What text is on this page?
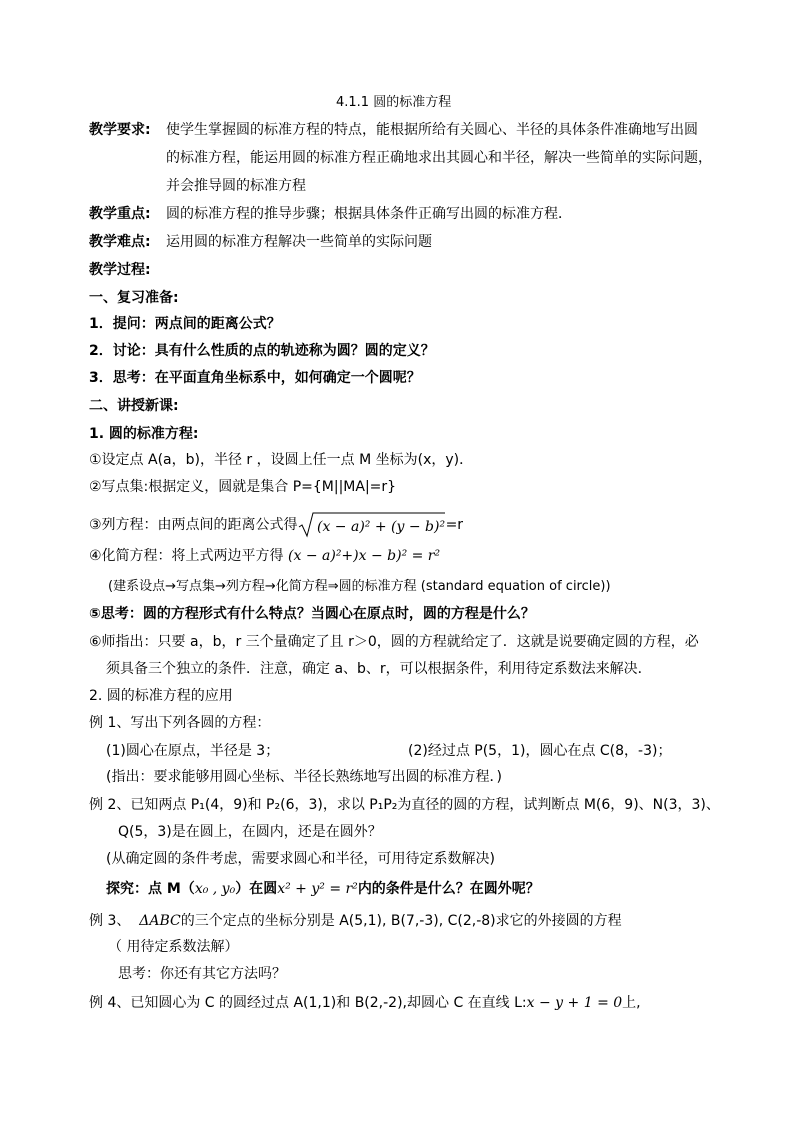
4.1.1 圆的标准方程
教学要求: 使学生掌握圆的标准方程的特点，能根据所给有关圆心、半径的具体条件准确地写出圆
的标准方程，能运用圆的标准方程正确地求出其圆心和半径，解决一些简单的实际问题，
并会推导圆的标准方程
教学重点: 圆的标准方程的推导步骤；根据具体条件正确写出圆的标准方程．
教学难点: 运用圆的标准方程解决一些简单的实际问题
教学过程:
一、复习准备:
1．提问：两点间的距离公式？
2．讨论：具有什么性质的点的轨迹称为圆？圆的定义？
3．思考：在平面直角坐标系中，如何确定一个圆呢？
二、讲授新课:
1. 圆的标准方程:
①设定点 A(a，b)，半径 r ，设圆上任一点 M 坐标为(x，y)．
②写点集:根据定义，圆就是集合 P={M||MA|=r}
③列方程：由两点间的距离公式得 (x − a)² + (y − b)² =r
④化简方程：将上式两边平方得 (x − a)²+)x − b)² = r²
(建系设点→写点集→列方程→化简方程⇒圆的标准方程 (standard equation of circle))
⑤思考：圆的方程形式有什么特点？当圆心在原点时，圆的方程是什么？
⑥师指出：只要 a，b，r 三个量确定了且 r＞0，圆的方程就给定了．这就是说要确定圆的方程，必
须具备三个独立的条件．注意，确定 a、b、r，可以根据条件，利用待定系数法来解决．
2. 圆的标准方程的应用
例 1、写出下列各圆的方程：
(1)圆心在原点，半径是 3；	(2)经过点 P(5，1)，圆心在点 C(8，-3)；
(指出：要求能够用圆心坐标、半径长熟练地写出圆的标准方程．)
例 2、已知两点 P₁(4，9)和 P₂(6，3)，求以 P₁P₂为直径的圆的方程，试判断点 M(6，9)、N(3，3)、
Q(5，3)是在圆上，在圆内，还是在圆外？
(从确定圆的条件考虑，需要求圆心和半径，可用待定系数解决)
探究：点 M（x₀ , y₀）在圆x² + y² = r²内的条件是什么？在圆外呢？
例 3、 ΔABC的三个定点的坐标分别是 A(5,1), B(7,-3), C(2,-8)求它的外接圆的方程
（ 用待定系数法解）
思考：你还有其它方法吗？
例 4、已知圆心为 C 的圆经过点 A(1,1)和 B(2,-2),却圆心 C 在直线 L:x − y + 1 = 0上,
